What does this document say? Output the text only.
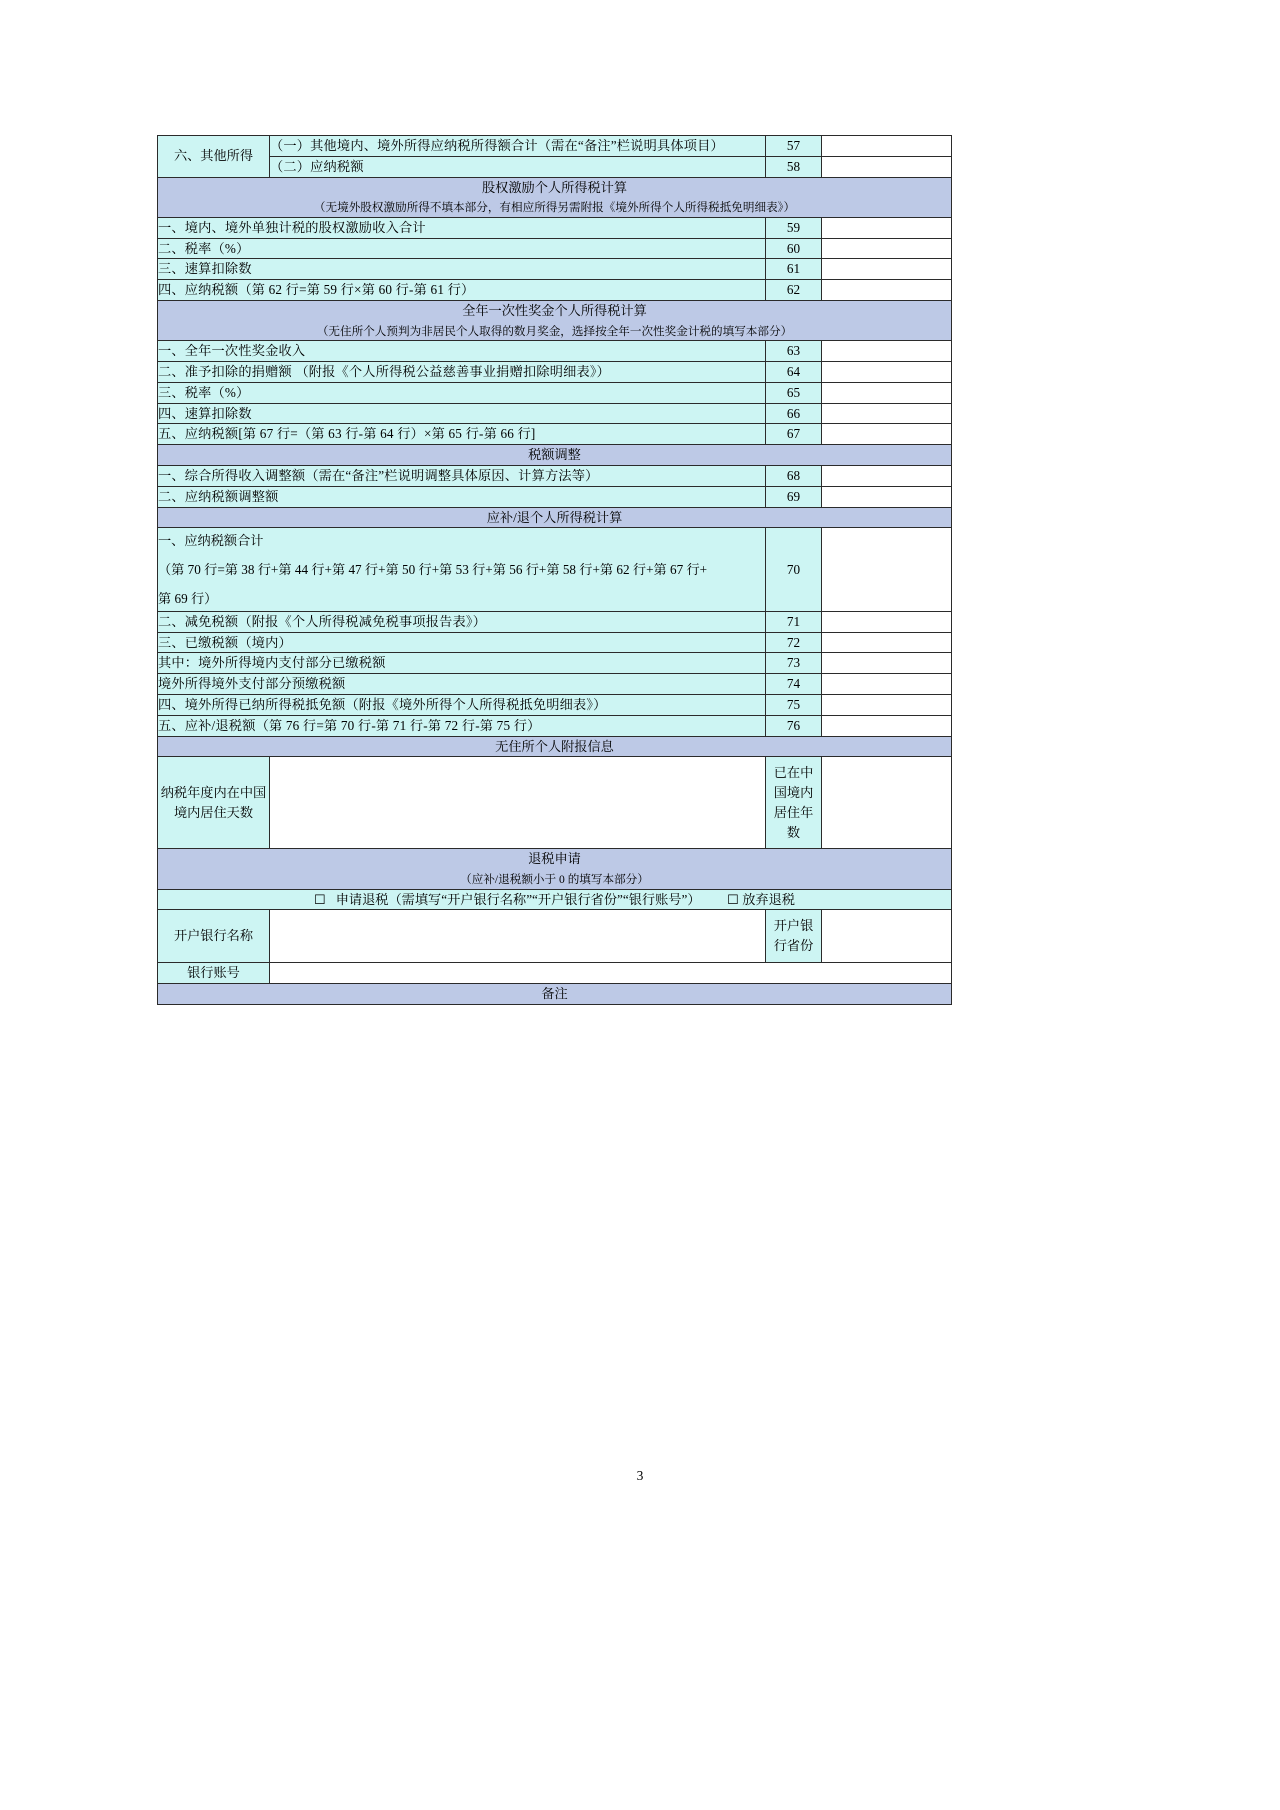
六、其他所得	（一）其他境内、境外所得应纳税所得额合计（需在“备注”栏说明具体项目）	57	
	（二）应纳税额	58	

股权激励个人所得税计算
（无境外股权激励所得不填本部分，有相应所得另需附报《境外所得个人所得税抵免明细表》）			

一、境内、境外单独计税的股权激励收入合计		59	
二、税率（%）		60	
三、速算扣除数		61	
四、应纳税额（第 62 行=第 59 行×第 60 行-第 61 行）		62	

全年一次性奖金个人所得税计算
（无住所个人预判为非居民个人取得的数月奖金，选择按全年一次性奖金计税的填写本部分）			

一、全年一次性奖金收入		63	
二、准予扣除的捐赠额 （附报《个人所得税公益慈善事业捐赠扣除明细表》）		64	
三、税率（%）		65	
四、速算扣除数		66	
五、应纳税额[第 67 行=（第 63 行-第 64 行）×第 65 行-第 66 行]		67	

税额调整			

一、综合所得收入调整额（需在“备注”栏说明调整具体原因、计算方法等）		68	
二、应纳税额调整额		69	

应补/退个人所得税计算			

一、应纳税额合计
（第 70 行=第 38 行+第 44 行+第 47 行+第 50 行+第 53 行+第 56 行+第 58 行+第 62 行+第 67 行+
第 69 行）		70	
二、减免税额（附报《个人所得税减免税事项报告表》）		71	
三、已缴税额（境内）		72	
其中：境外所得境内支付部分已缴税额		73	
境外所得境外支付部分预缴税额		74	
四、境外所得已纳所得税抵免额（附报《境外所得个人所得税抵免明细表》）		75	
五、应补/退税额（第 76 行=第 70 行-第 71 行-第 72 行-第 75 行）		76	

无住所个人附报信息			

纳税年度内在中国境内居住天数		已在中国境内居住年数	

退税申请
（应补/退税额小于 0 的填写本部分）			

☐ 申请退税（需填写“开户银行名称”“开户银行省份”“银行账号”） ☐ 放弃退税			
开户银行名称		开户银行省份	
银行账号			

备注			
3
